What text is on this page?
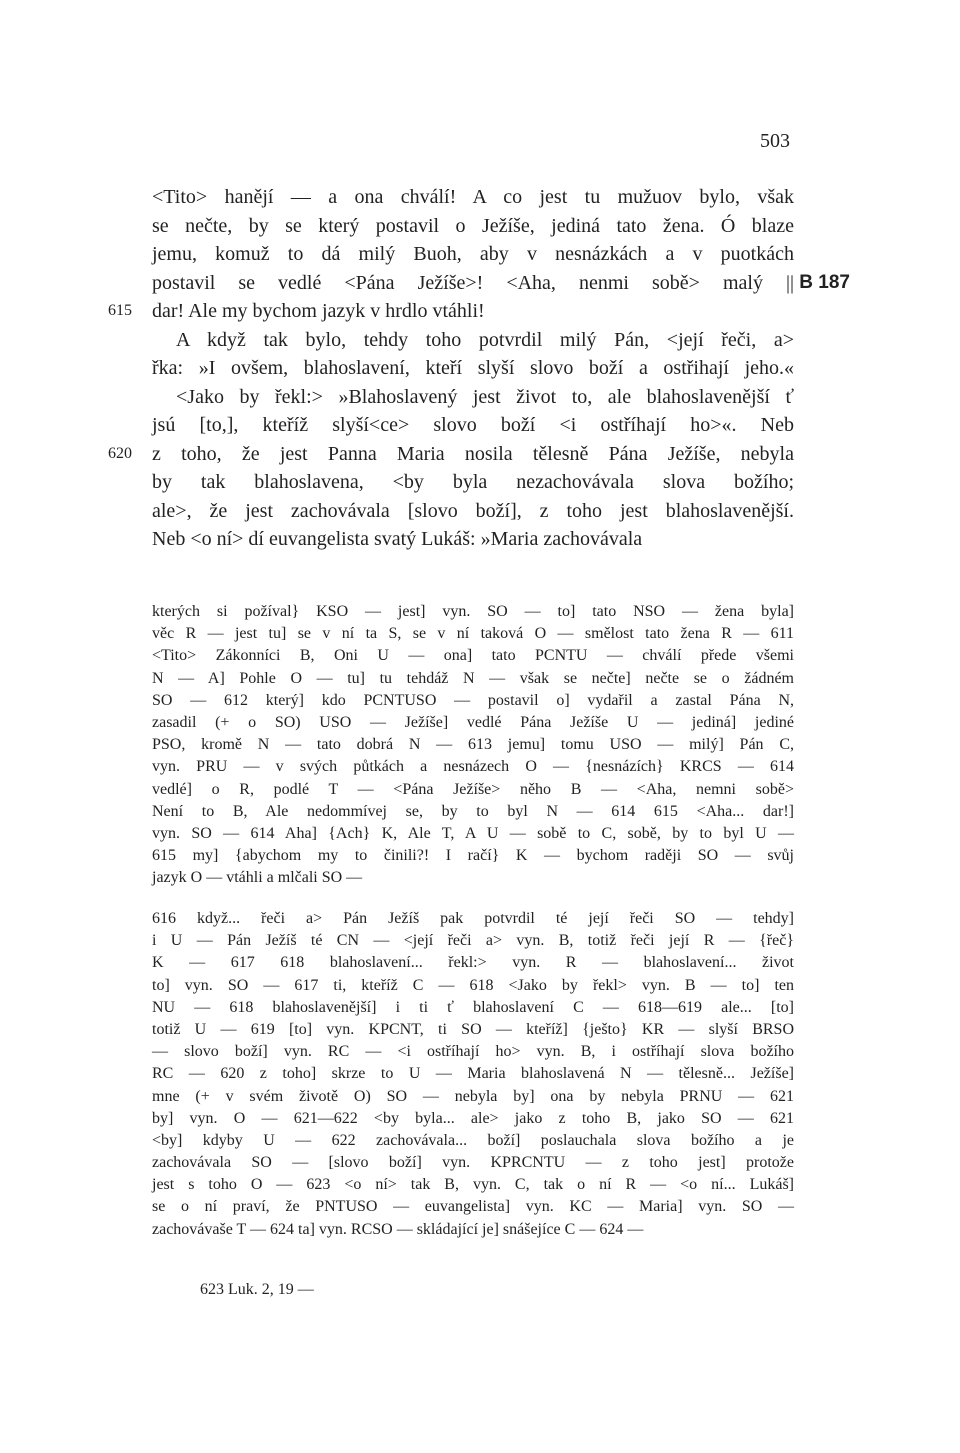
503
<Tito> hanějí — a ona chválí! A co jest tu mužuov bylo, však
se nečte, by se který postavil o Ježíše, jediná tato žena. Ó blaze
jemu, komuž to dá milý Buoh, aby v nesnázkách a v puotkách
postavil se vedlé <Pána Ježíše>! <Aha, nenmi sobě> malý || B 187
615 dar! Ale my bychom jazyk v hrdlo vtáhli!
A když tak bylo, tehdy toho potvrdil milý Pán, <její řeči, a>
řka: »I ovšem, blahoslavení, kteří slyší slovo boží a ostřihají jeho.«
<Jako by řekl:> »Blahoslavený jest život to, ale blahoslavenější ť
jsú [to,], kteříž slyší<ce> slovo boží <i ostříhají ho>«. Neb
620 z toho, že jest Panna Maria nosila tělesně Pána Ježíše, nebyla
by tak blahoslavena, <by byla nezachovávala slova božího;
ale>, že jest zachovávala [slovo boží], z toho jest blahoslavenější.
Neb <o ní> dí euvangelista svatý Lukáš: »Maria zachovávala
kterých si požíval} KSO — jest] vyn. SO — to] tato NSO — žena byla]
věc R — jest tu] se v ní ta S, se v ní taková O — smělost tato žena R — 611
<Tito> Zákonníci B, Oni U — ona] tato PCNTU — chválí přede všemi
N — A] Pohle O — tu] tu tehdáž N — však se nečte] nečte se o žádném
SO — 612 který] kdo PCNTUSO — postavil o] vydařil a zastal Pána N,
zasadil (+ o SO) USO — Ježíše] vedlé Pána Ježíše U — jediná] jediné
PSO, kromě N — tato dobrá N — 613 jemu] tomu USO — milý] Pán C,
vyn. PRU — v svých půtkách a nesnázech O — {nesnázích} KRCS — 614
vedlé] o R, podlé T — <Pána Ježíše> něho B — <Aha, nemni sobě>
Není to B, Ale nedommívej se, by to byl N — 614 615 <Aha... dar!]
vyn. SO — 614 Aha] {Ach} K, Ale T, A U — sobě to C, sobě, by to byl U —
615 my] {abychom my to činili?! I račí} K — bychom raději SO — svůj
jazyk O — vtáhli a mlčali SO —
616 když... řeči a> Pán Ježíš pak potvrdil té její řeči SO — tehdy]
i U — Pán Ježíš té CN — <její řeči a> vyn. B, totiž řeči její R — {řeč}
K — 617 618 blahoslavení... řekl:> vyn. R — blahoslavení... život
to] vyn. SO — 617 ti, kteříž C — 618 <Jako by řekl> vyn. B — to] ten
NU — 618 blahoslavenější] i ti ť blahoslavení C — 618—619 ale... [to]
totiž U — 619 [to] vyn. KPCNT, ti SO — kteříž] {ješto} KR — slyší BRSO
— slovo boží] vyn. RC — <i ostříhají ho> vyn. B, i ostříhají slova božího
RC — 620 z toho] skrze to U — Maria blahoslavená N — tělesně... Ježíše]
mne (+ v svém životě O) SO — nebyla by] ona by nebyla PRNU — 621
by] vyn. O — 621—622 <by byla... ale> jako z toho B, jako SO — 621
<by] kdyby U — 622 zachovávala... boží] poslauchala slova božího a je
zachovávala SO — [slovo boží] vyn. KPRCNTU — z toho jest] protože
jest s toho O — 623 <o ní> tak B, vyn. C, tak o ní R — <o ní... Lukáš]
se o ní praví, že PNTUSO — euvangelista] vyn. KC — Maria] vyn. SO —
zachovávaše T — 624 ta] vyn. RCSO — skládající je] snášejíce C — 624 —
623 Luk. 2, 19 —
